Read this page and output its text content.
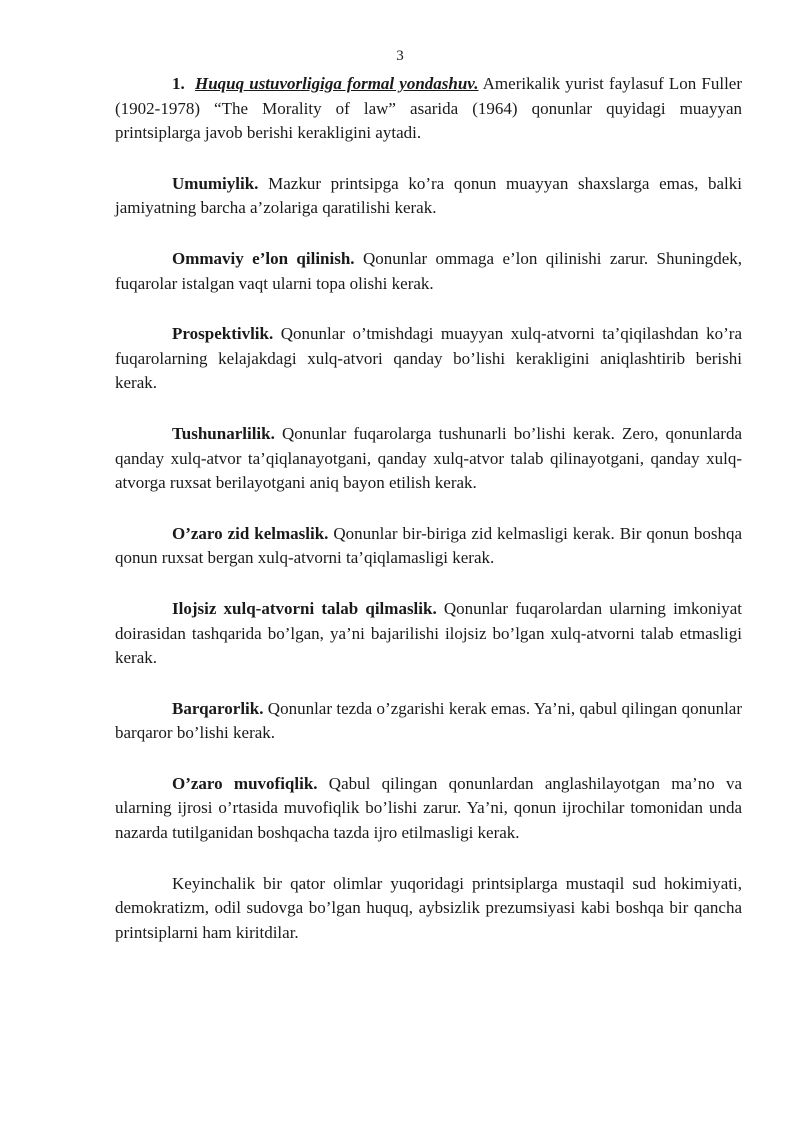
3

1. Huquq ustuvorligiga formal yondashuv. Amerikalik yurist faylasuf Lon Fuller (1902-1978) “The Morality of law” asarida (1964) qonunlar quyidagi muayyan printsiplarga javob berishi kerakligini aytadi.

Umumiylik. Mazkur printsipga ko’ra qonun muayyan shaxslarga emas, balki jamiyatning barcha a’zolariga qaratilishi kerak.

Ommaviy e’lon qilinish. Qonunlar ommaga e’lon qilinishi zarur. Shuningdek, fuqarolar istalgan vaqt ularni topa olishi kerak.

Prospektivlik. Qonunlar o’tmishdagi muayyan xulq-atvorni ta’qiqilashdan ko’ra fuqarolarning kelajakdagi xulq-atvori qanday bo’lishi kerakligini aniqlashtirib berishi kerak.

Tushunarlilik. Qonunlar fuqarolarga tushunarli bo’lishi kerak. Zero, qonunlarda qanday xulq-atvor ta’qiqlanayotgani, qanday xulq-atvor talab qilinayotgani, qanday xulq-atvorga ruxsat berilayotgani aniq bayon etilish kerak.

O’zaro zid kelmaslik. Qonunlar bir-biriga zid kelmasligi kerak. Bir qonun boshqa qonun ruxsat bergan xulq-atvorni ta’qiqlamasligi kerak.

Ilojsiz xulq-atvorni talab qilmaslik. Qonunlar fuqarolardan ularning imkoniyat doirasidan tashqarida bo’lgan, ya’ni bajarilishi ilojsiz bo’lgan xulq-atvorni talab etmasligi kerak.

Barqarorlik. Qonunlar tezda o’zgarishi kerak emas. Ya’ni, qabul qilingan qonunlar barqaror bo’lishi kerak.

O’zaro muvofiqlik. Qabul qilingan qonunlardan anglashilayotgan ma’no va ularning ijrosi o’rtasida muvofiqlik bo’lishi zarur. Ya’ni, qonun ijrochilar tomonidan unda nazarda tutilganidan boshqacha tazda ijro etilmasligi kerak.

Keyinchalik bir qator olimlar yuqoridagi printsiplarga mustaqil sud hokimiyati, demokratizm, odil sudovga bo’lgan huquq, aybsizlik prezumsiyasi kabi boshqa bir qancha printsiplarni ham kiritdilar.
